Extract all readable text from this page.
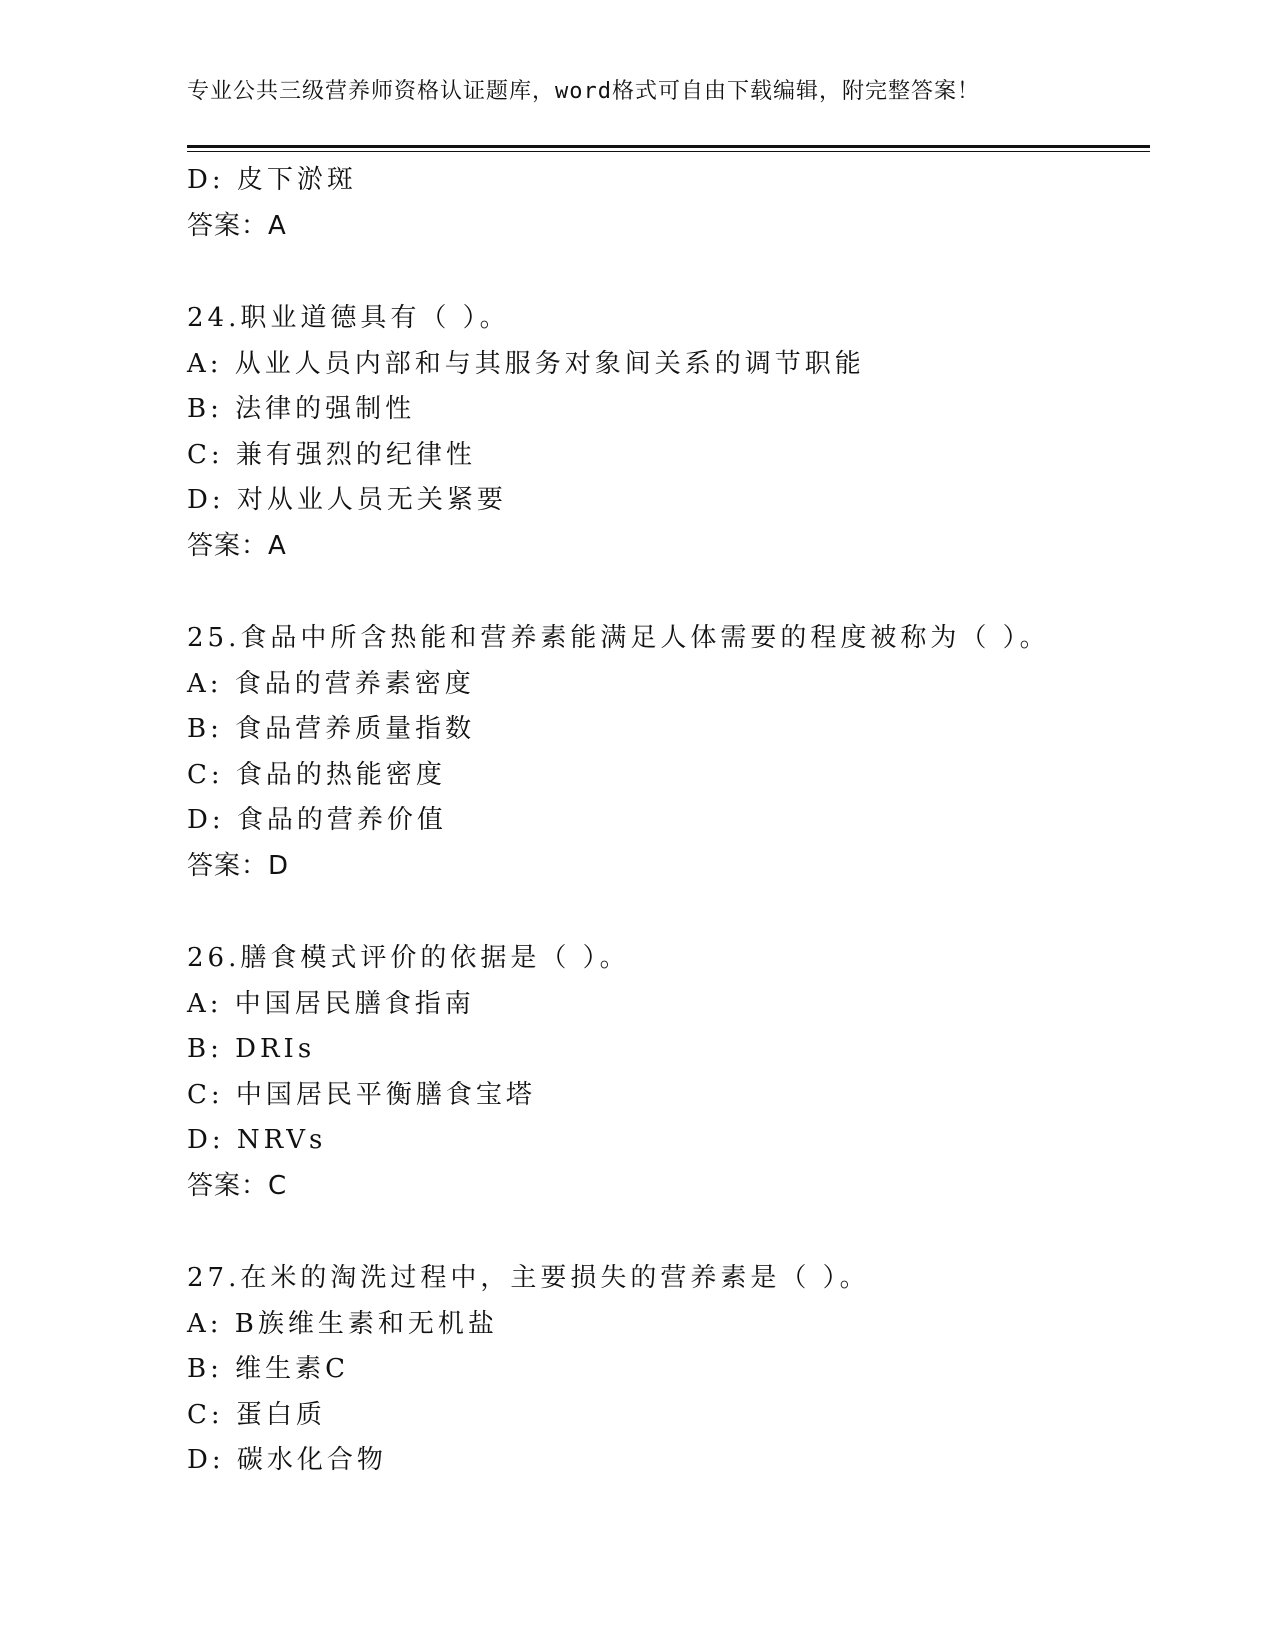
专业公共三级营养师资格认证题库，word格式可自由下载编辑，附完整答案！
D: 皮下淤斑
答案：A
24.职业道德具有（ ）。
A: 从业人员内部和与其服务对象间关系的调节职能
B: 法律的强制性
C: 兼有强烈的纪律性
D: 对从业人员无关紧要
答案：A
25.食品中所含热能和营养素能满足人体需要的程度被称为（ ）。
A: 食品的营养素密度
B: 食品营养质量指数
C: 食品的热能密度
D: 食品的营养价值
答案：D
26.膳食模式评价的依据是（ ）。
A: 中国居民膳食指南
B: DRIs
C: 中国居民平衡膳食宝塔
D: NRVs
答案：C
27.在米的淘洗过程中，主要损失的营养素是（ ）。
A: B族维生素和无机盐
B: 维生素C
C: 蛋白质
D: 碳水化合物
